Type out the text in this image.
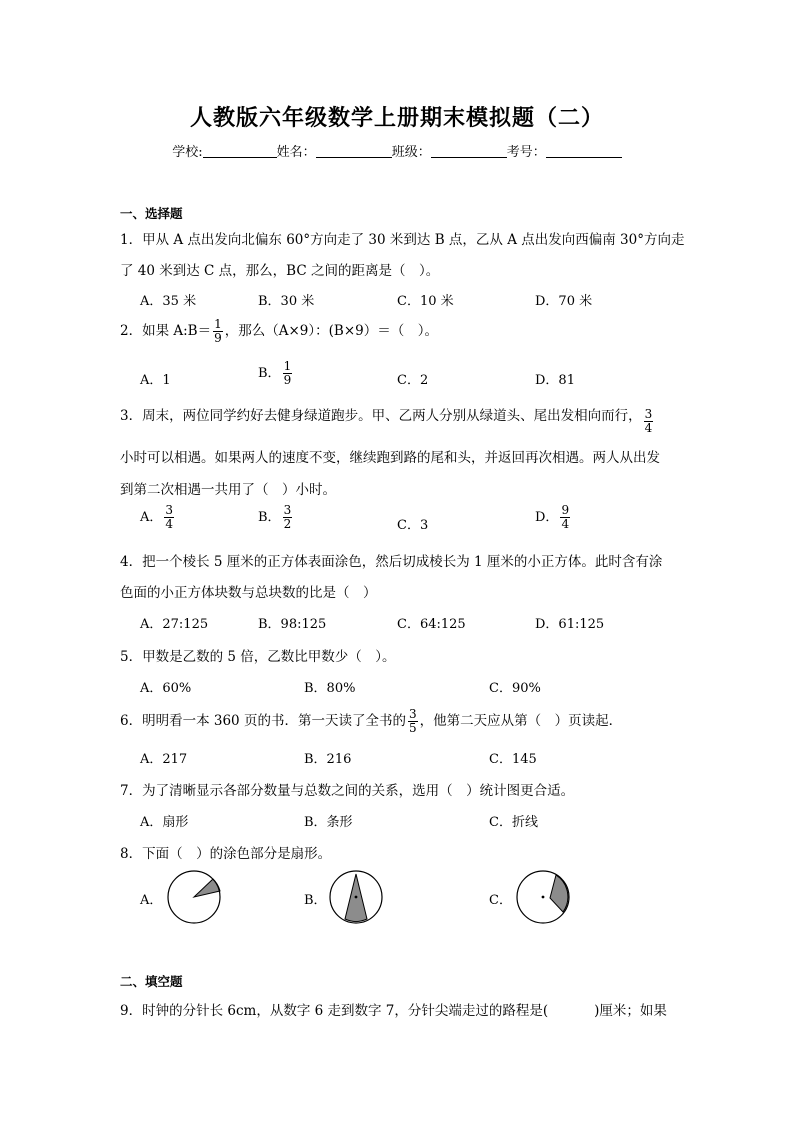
人教版六年级数学上册期末模拟题（二）
学校:	姓名：	班级：	考号：
一、选择题
1．甲从 A 点出发向北偏东 60°方向走了 30 米到达 B 点，乙从 A 点出发向西偏南 30°方向走
了 40 米到达 C 点，那么，BC 之间的距离是（　）。
A．35 米	B．30 米	C．10 米	D．70 米
2．如果 A:B＝ $\frac{1}{9}$ ，那么（A×9）：(B×9）＝（　）。
A．1	B． $\frac{1}{9}$	C．2	D．81
3．周末，两位同学约好去健身绿道跑步。甲、乙两人分别从绿道头、尾出发相向而行， $\frac{3}{4}$
小时可以相遇。如果两人的速度不变，继续跑到路的尾和头，并返回再次相遇。两人从出发
到第二次相遇一共用了（　）小时。
A． $\frac{3}{4}$	B． $\frac{3}{2}$	C．3
D． $\frac{9}{4}$
4．把一个棱长 5 厘米的正方体表面涂色，然后切成棱长为 1 厘米的小正方体。此时含有涂
色面的小正方体块数与总块数的比是（　）
A．27:125	B．98:125	C．64:125	D．61:125
5．甲数是乙数的 5 倍，乙数比甲数少（　）。
A．60%	B．80%	C．90%
6．明明看一本 360 页的书．第一天读了全书的 $\frac{3}{5}$ ，他第二天应从第（　）页读起．
A．217	B．216	C．145
7．为了清晰显示各部分数量与总数之间的关系，选用（　）统计图更合适。
A．扇形	B．条形	C．折线
8．下面（　）的涂色部分是扇形。
A．	B．	C．
二、填空题
9．时钟的分针长 6cm，从数字 6 走到数字 7，分针尖端走过的路程是(	)厘米；如果
